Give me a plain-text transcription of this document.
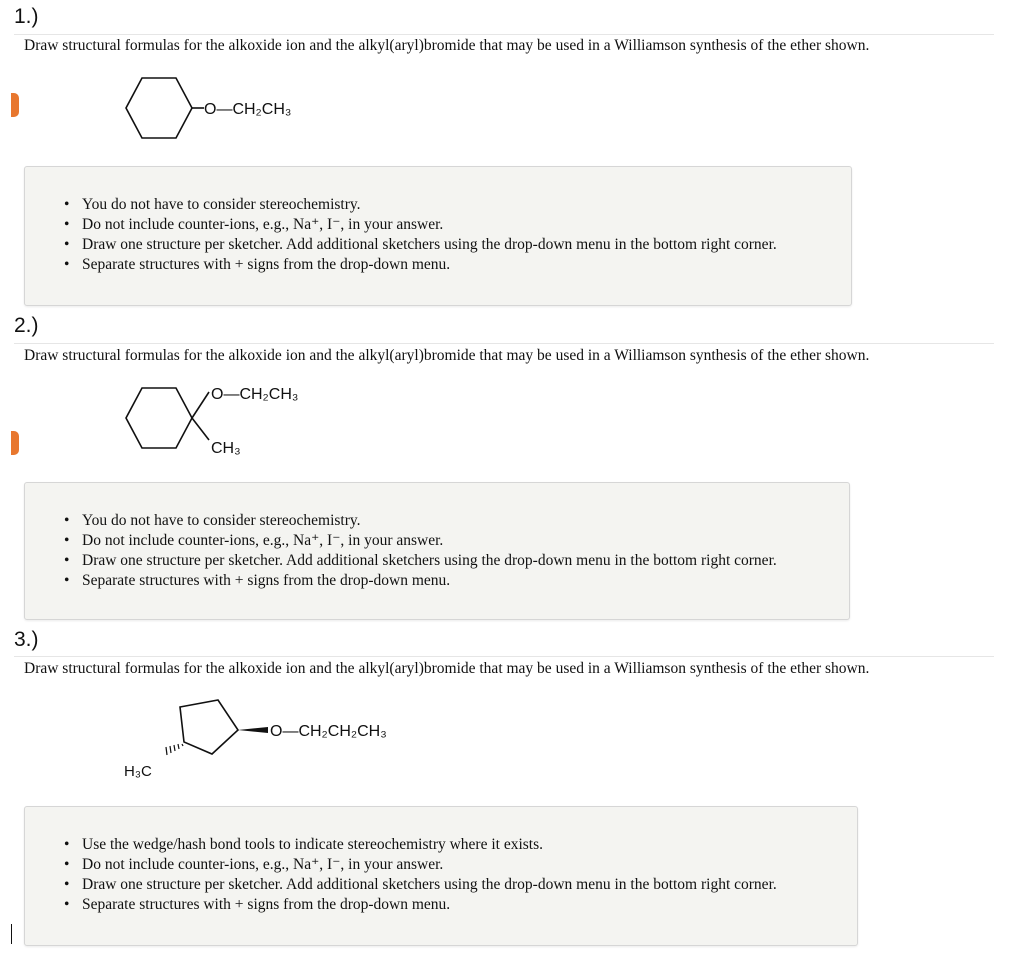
1.)
Draw structural formulas for the alkoxide ion and the alkyl(aryl)bromide that may be used in a Williamson synthesis of the ether shown.
O—CH₂CH₃
• You do not have to consider stereochemistry.
• Do not include counter-ions, e.g., Na⁺, I⁻, in your answer.
• Draw one structure per sketcher. Add additional sketchers using the drop-down menu in the bottom right corner.
• Separate structures with + signs from the drop-down menu.
2.)
Draw structural formulas for the alkoxide ion and the alkyl(aryl)bromide that may be used in a Williamson synthesis of the ether shown.
O—CH₂CH₃
CH₃
• You do not have to consider stereochemistry.
• Do not include counter-ions, e.g., Na⁺, I⁻, in your answer.
• Draw one structure per sketcher. Add additional sketchers using the drop-down menu in the bottom right corner.
• Separate structures with + signs from the drop-down menu.
3.)
Draw structural formulas for the alkoxide ion and the alkyl(aryl)bromide that may be used in a Williamson synthesis of the ether shown.
O—CH₂CH₂CH₃
H₃C
• Use the wedge/hash bond tools to indicate stereochemistry where it exists.
• Do not include counter-ions, e.g., Na⁺, I⁻, in your answer.
• Draw one structure per sketcher. Add additional sketchers using the drop-down menu in the bottom right corner.
• Separate structures with + signs from the drop-down menu.
